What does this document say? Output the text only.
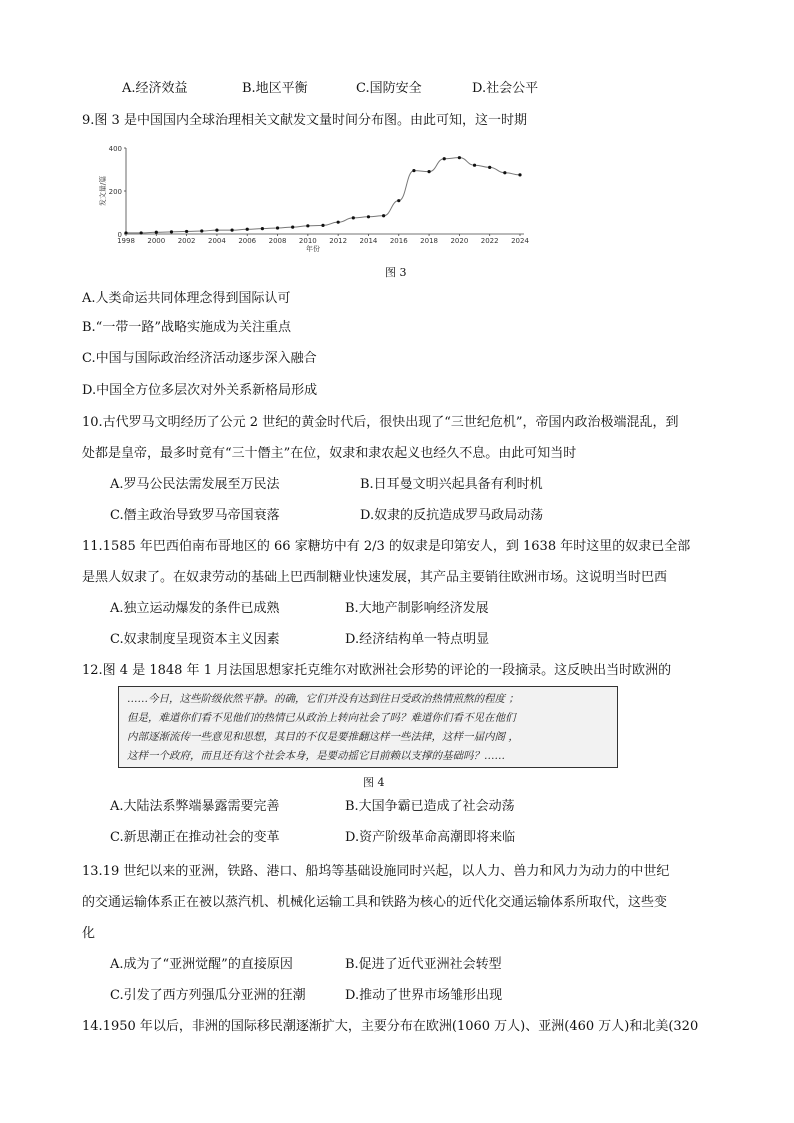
A.经济效益	B.地区平衡	C.国防安全	D.社会公平
9.图 3 是中国国内全球治理相关文献发文量时间分布图。由此可知，这一时期
0
200
400
1998 2000 2002 2004 2006 2008 2010 2012 2014 2016 2018 2020 2022 2024
年份
发文量/篇
图 3
A.人类命运共同体理念得到国际认可
B.“一带一路”战略实施成为关注重点
C.中国与国际政治经济活动逐步深入融合
D.中国全方位多层次对外关系新格局形成
10.古代罗马文明经历了公元 2 世纪的黄金时代后，很快出现了“三世纪危机”，帝国内政治极端混乱，到
处都是皇帝，最多时竟有“三十僭主”在位，奴隶和隶农起义也经久不息。由此可知当时
A.罗马公民法需发展至万民法	B.日耳曼文明兴起具备有利时机
C.僭主政治导致罗马帝国衰落	D.奴隶的反抗造成罗马政局动荡
11.1585 年巴西伯南布哥地区的 66 家糖坊中有 2/3 的奴隶是印第安人，到 1638 年时这里的奴隶已全部
是黑人奴隶了。在奴隶劳动的基础上巴西制糖业快速发展，其产品主要销往欧洲市场。这说明当时巴西
A.独立运动爆发的条件已成熟	B.大地产制影响经济发展
C.奴隶制度呈现资本主义因素	D.经济结构单一特点明显
12.图 4 是 1848 年 1 月法国思想家托克维尔对欧洲社会形势的评论的一段摘录。这反映出当时欧洲的
……今日，这些阶级依然平静。的确，它们并没有达到往日受政治热情煎熬的程度 ；
但是，难道你们看不见他们的热情已从政治上转向社会了吗？难道你们看不见在他们
内部逐渐流传一些意见和思想，其目的不仅是要推翻这样一些法律，这样一届内阁 ，
这样一个政府，而且还有这个社会本身，是要动摇它目前赖以支撑的基础吗？……
图 4
A.大陆法系弊端暴露需要完善	B.大国争霸已造成了社会动荡
C.新思潮正在推动社会的变革	D.资产阶级革命高潮即将来临
13.19 世纪以来的亚洲，铁路、港口、船坞等基础设施同时兴起，以人力、兽力和风力为动力的中世纪
的交通运输体系正在被以蒸汽机、机械化运输工具和铁路为核心的近代化交通运输体系所取代，这些变
化
A.成为了“亚洲觉醒”的直接原因	B.促进了近代亚洲社会转型
C.引发了西方列强瓜分亚洲的狂潮	D.推动了世界市场雏形出现
14.1950 年以后，非洲的国际移民潮逐渐扩大，主要分布在欧洲(1060 万人)、亚洲(460 万人)和北美(320
